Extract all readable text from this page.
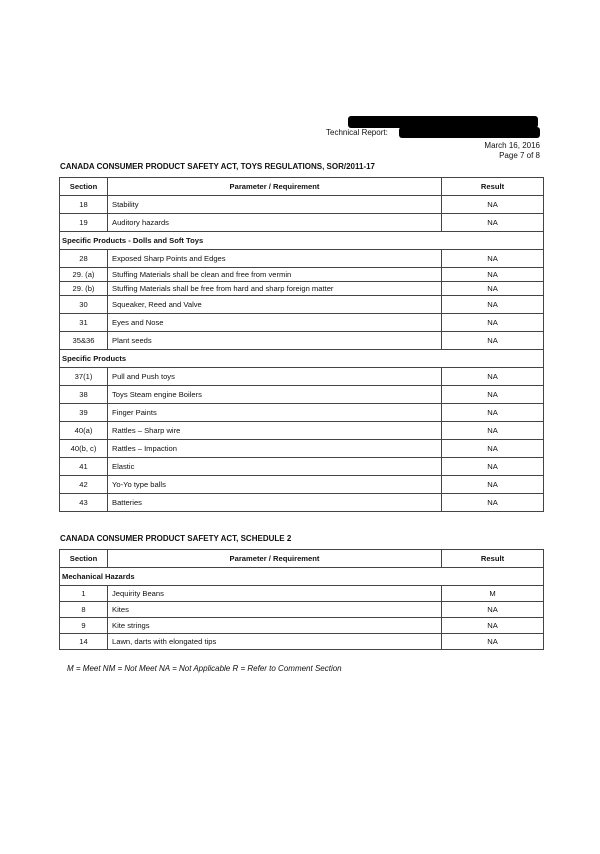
Technical Report:
March 16, 2016
Page 7 of 8
CANADA CONSUMER PRODUCT SAFETY ACT, TOYS REGULATIONS, SOR/2011-17
Section	Parameter / Requirement	Result
18	Stability	NA
19	Auditory hazards	NA
Specific Products - Dolls and Soft Toys		
28	Exposed Sharp Points and Edges	NA
29. (a)	Stuffing Materials shall be clean and free from vermin	NA
29. (b)	Stuffing Materials shall be free from hard and sharp foreign matter	NA
30	Squeaker, Reed and Valve	NA
31	Eyes and Nose	NA
35&36	Plant seeds	NA
Specific Products		
37(1)	Pull and Push toys	NA
38	Toys Steam engine Boilers	NA
39	Finger Paints	NA
40(a)	Rattles – Sharp wire	NA
40(b, c)	Rattles – Impaction	NA
41	Elastic	NA
42	Yo-Yo type balls	NA
43	Batteries	NA
CANADA CONSUMER PRODUCT SAFETY ACT, SCHEDULE 2
Section	Parameter / Requirement	Result
Mechanical Hazards		
1	Jequirity Beans	M
8	Kites	NA
9	Kite strings	NA
14	Lawn, darts with elongated tips	NA
M = Meet NM = Not Meet NA = Not Applicable R = Refer to Comment Section
